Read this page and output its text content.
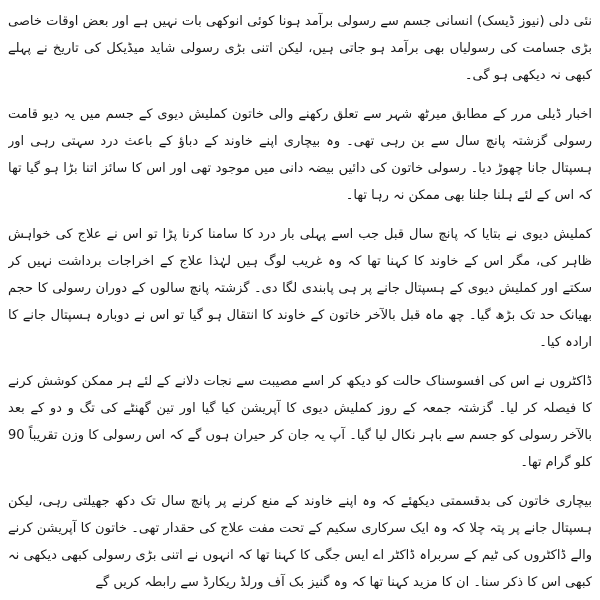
نئی دلی (نیوز ڈیسک) انسانی جسم سے رسولی برآمد ہونا کوئی انوکھی بات نہیں ہے اور بعض اوقات خاصی بڑی جسامت کی رسولیاں بھی برآمد ہو جاتی ہیں، لیکن اتنی بڑی رسولی شاید میڈیکل کی تاریخ نے پہلے کبھی نہ دیکھی ہو گی۔

اخبار ڈیلی مرر کے مطابق میرٹھ شہر سے تعلق رکھنے والی خاتون کملیش دیوی کے جسم میں یہ دیو قامت رسولی گزشتہ پانچ سال سے بن رہی تھی۔ وہ بیچاری اپنے خاوند کے دباؤ کے باعث درد سہتی رہی اور ہسپتال جانا چھوڑ دیا۔ رسولی خاتون کی دائیں بیضہ دانی میں موجود تھی اور اس کا سائز اتنا بڑا ہو گیا تھا کہ اس کے لئے ہلنا جلنا بھی ممکن نہ رہا تھا۔

کملیش دیوی نے بتایا کہ پانچ سال قبل جب اسے پہلی بار درد کا سامنا کرنا پڑا تو اس نے علاج کی خواہش ظاہر کی، مگر اس کے خاوند کا کہنا تھا کہ وہ غریب لوگ ہیں لہٰذا علاج کے اخراجات برداشت نہیں کر سکتے اور کملیش دیوی کے ہسپتال جانے پر ہی پابندی لگا دی۔ گزشتہ پانچ سالوں کے دوران رسولی کا حجم بھیانک حد تک بڑھ گیا۔ چھ ماہ قبل بالآخر خاتون کے خاوند کا انتقال ہو گیا تو اس نے دوبارہ ہسپتال جانے کا ارادہ کیا۔

ڈاکٹروں نے اس کی افسوسناک حالت کو دیکھ کر اسے مصیبت سے نجات دلانے کے لئے ہر ممکن کوشش کرنے کا فیصلہ کر لیا۔ گزشتہ جمعہ کے روز کملیش دیوی کا آپریشن کیا گیا اور تین گھنٹے کی تگ و دو کے بعد بالآخر رسولی کو جسم سے باہر نکال لیا گیا۔ آپ یہ جان کر حیران ہوں گے کہ اس رسولی کا وزن تقریباً 90 کلو گرام تھا۔

بیچاری خاتون کی بدقسمتی دیکھئے کہ وہ اپنے خاوند کے منع کرنے پر پانچ سال تک دکھ جھیلتی رہی، لیکن ہسپتال جانے پر پتہ چلا کہ وہ ایک سرکاری سکیم کے تحت مفت علاج کی حقدار تھی۔ خاتون کا آپریشن کرنے والے ڈاکٹروں کی ٹیم کے سربراہ ڈاکٹر اے ایس جگی کا کہنا تھا کہ انہوں نے اتنی بڑی رسولی کبھی دیکھی نہ کبھی اس کا ذکر سنا۔ ان کا مزید کہنا تھا کہ وہ گنیز بک آف ورلڈ ریکارڈ سے رابطہ کریں گے
